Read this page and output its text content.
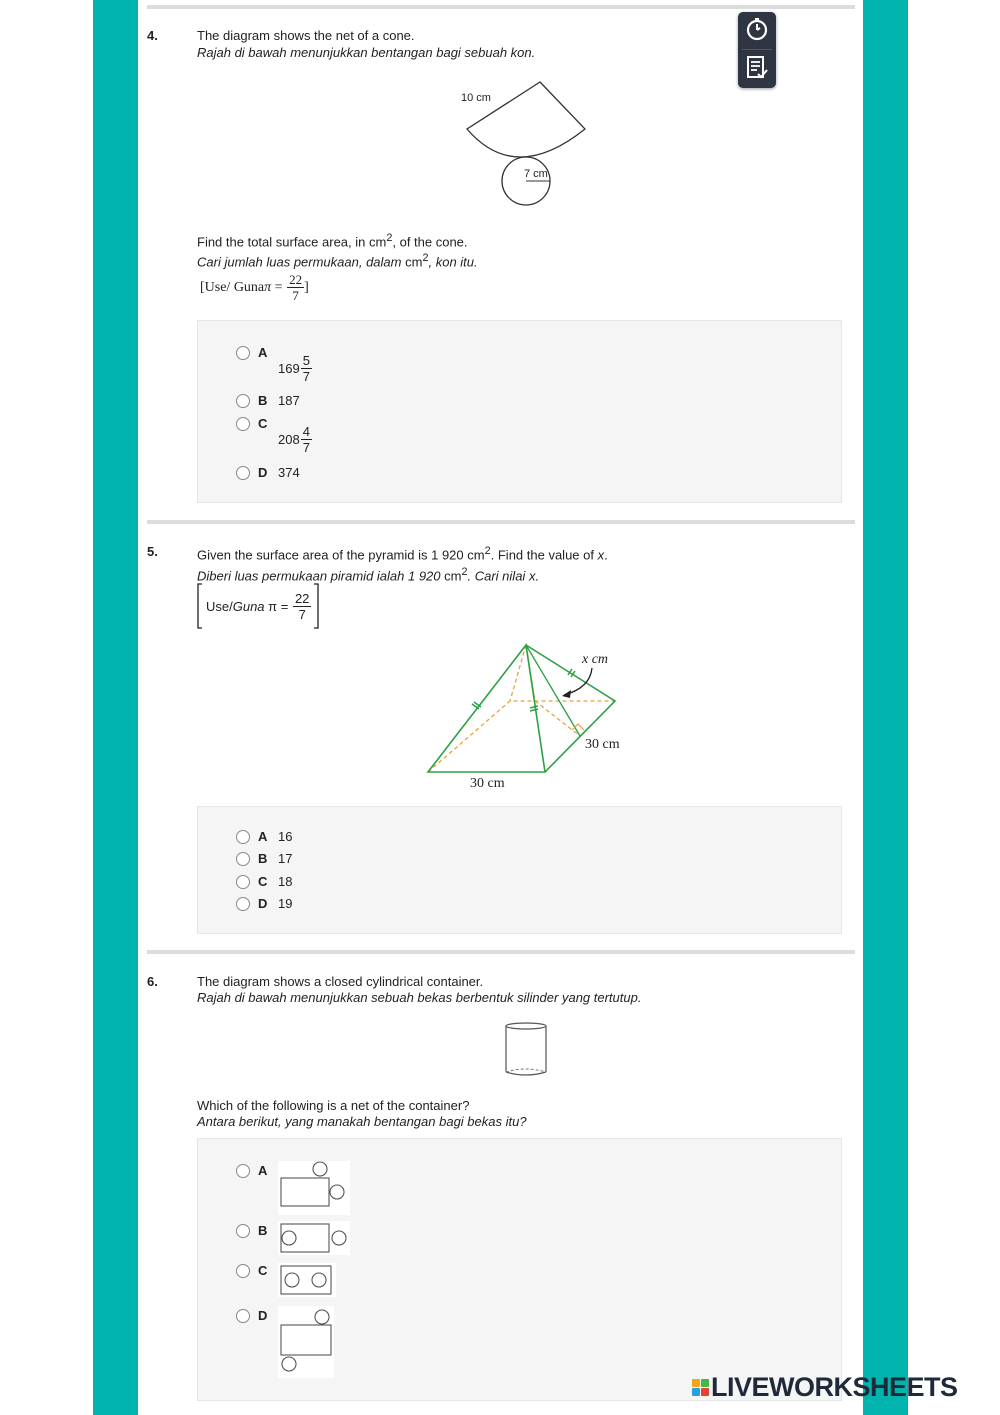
4.	The diagram shows the net of a cone.
Rajah di bawah menunjukkan bentangan bagi sebuah kon.
10 cm
7 cm
Find the total surface area, in $cm^2$, of the cone.
Cari jumlah luas permukaan, dalam $cm^2$, kon itu.
[Use/ Guna $\pi = \frac{22}{7}$ ]
A
$169 \frac{5}{7}$
B 187
C
$208 \frac{4}{7}$
D 374
5.	Given the surface area of the pyramid is 1 920 $cm^2$. Find the value of x.
Diberi luas permukaan piramid ialah 1 920 $cm^2$. Cari nilai x.
Use/ Guna $\pi = \frac{22}{7}$
x cm
30 cm
30 cm
A 16
B 17
C 18
D 19
6.	The diagram shows a closed cylindrical container.
Rajah di bawah menunjukkan sebuah bekas berbentuk silinder yang tertutup.
Which of the following is a net of the container?
Antara berikut, yang manakah bentangan bagi bekas itu?
A
B
C
D
LIVEWORKSHEETS
